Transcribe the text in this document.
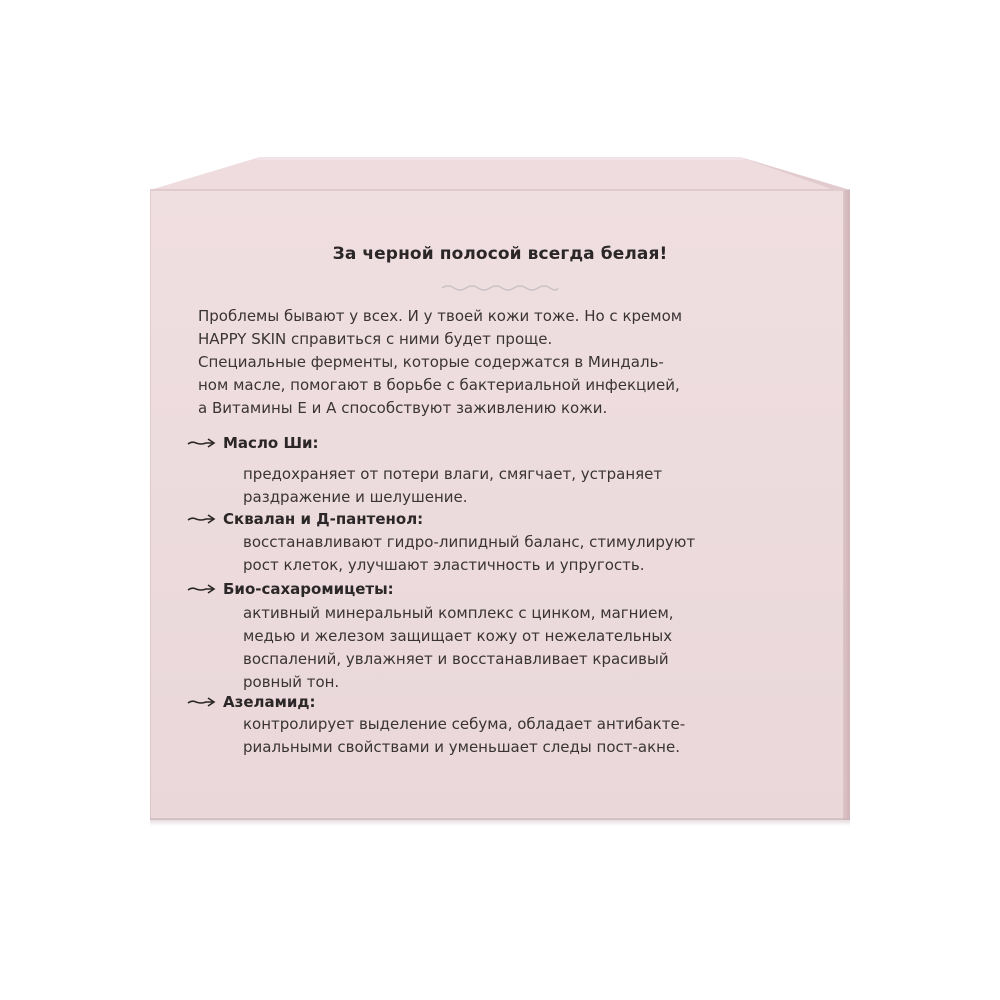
За черной полосой всегда белая!
Проблемы бывают у всех. И у твоей кожи тоже. Но с кремом
HAPPY SKIN справиться с ними будет проще.
Специальные ферменты, которые содержатся в Миндаль-
ном масле, помогают в борьбе с бактериальной инфекцией,
а Витамины Е и А способствуют заживлению кожи.
Масло Ши:
предохраняет от потери влаги, смягчает, устраняет
раздражение и шелушение.
Сквалан и Д-пантенол:
восстанавливают гидро-липидный баланс, стимулируют
рост клеток, улучшают эластичность и упругость.
Био-сахаромицеты:
активный минеральный комплекс с цинком, магнием,
медью и железом защищает кожу от нежелательных
воспалений, увлажняет и восстанавливает красивый
ровный тон.
Азеламид:
контролирует выделение себума, обладает антибакте-
риальными свойствами и уменьшает следы пост-акне.
